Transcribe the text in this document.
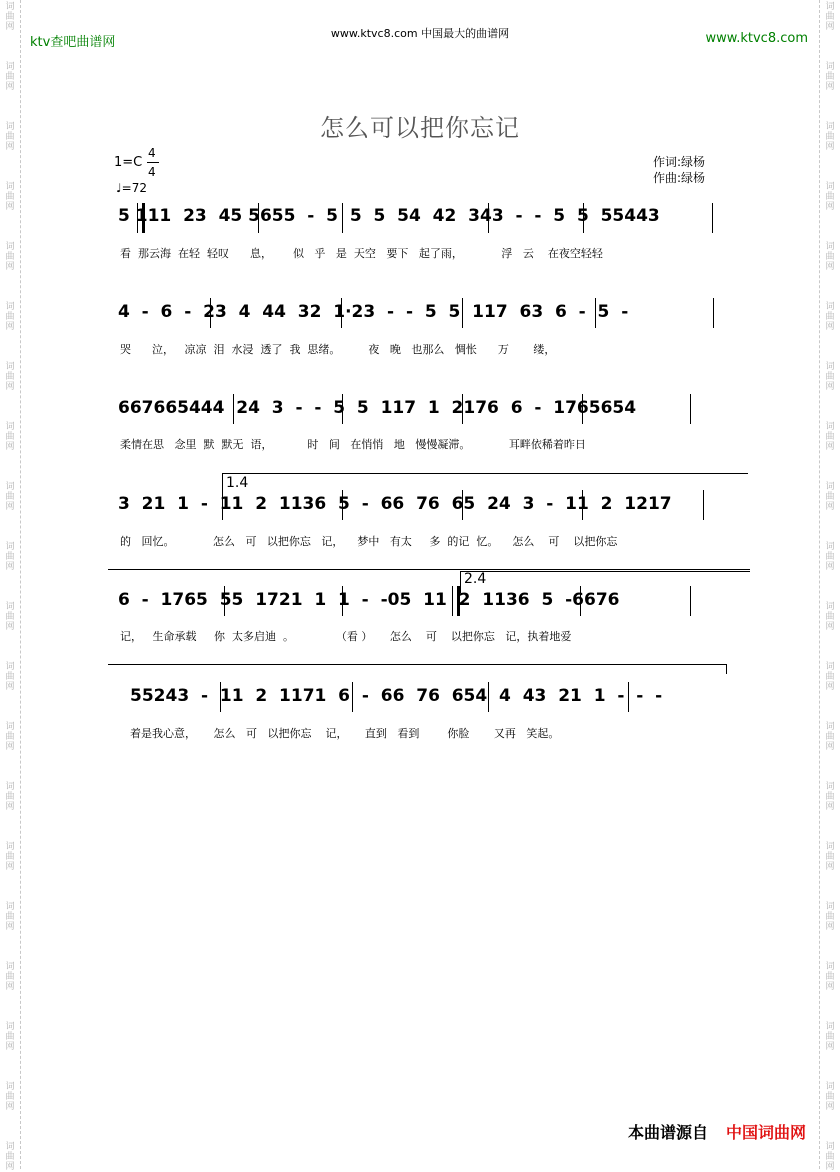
词
曲
网
词
曲
网
词
曲
网
词
曲
网
词
曲
网
词
曲
网
词
曲
网
词
曲
网
词
曲
网
词
曲
网
词
曲
网
词
曲
网
词
曲
网
词
曲
网
词
曲
网
词
曲
网
词
曲
网
词
曲
网
词
曲
网
词
曲
网
词
曲
网
词
曲
网
词
曲
网
词
曲
网
词
曲
网
词
曲
网
词
曲
网
词
曲
网
词
曲
网
词
曲
网
词
曲
网
词
曲
网
词
曲
网
词
曲
网
词
曲
网
词
曲
网
词
曲
网
词
曲
网
词
曲
网
词
曲
网
ktv查吧曲谱网
www.ktvc8.com 中国最大的曲谱网	www.ktvc8.com
怎么可以把你忘记
1=C
4
4
♩=72
作词:绿杨
作曲:绿杨
5 111  23  45 5655  -  5  5  5  54  42  343  -  -  5  5  55443
看  那云海  在轻  轻叹      息，      似   乎   是  天空   要下   起了雨，           浮   云    在夜空轻轻
4  -  6  -  23  4  44  32  1·23  -  -  5  5  117  63  6  -  5  -
哭      泣，   凉凉  泪  水浸  透了  我  思绪。        夜   晚   也那么   惆怅      万       缕，
667665444  24  3  -  -  5  5  117  1  2176  6  -  1765654
柔情在思   念里  默  默无  语，          时   间   在悄悄   地   慢慢凝滞。           耳畔依稀着昨日
1.4
3  21  1  -  11  2  1136  5  -  66  76  65  24  3  -  11  2  1217
的   回忆。           怎么   可   以把你忘   记，    梦中   有太     多  的记  忆。    怎么    可    以把你忘
2.4
6  -  1765  55  1721  1  1  -  -05  11  2  1136  5  -6676
记，   生命承载     你  太多启迪  。            （看 ）     怎么    可    以把你忘   记，执着地爱
55243  -  11  2  1171  6  -  66  76  654  4  43  21  1  -  -  -
着是我心意，     怎么   可   以把你忘    记，     直到   看到        你脸       又再   笑起。
本曲谱源自 中国词曲网
